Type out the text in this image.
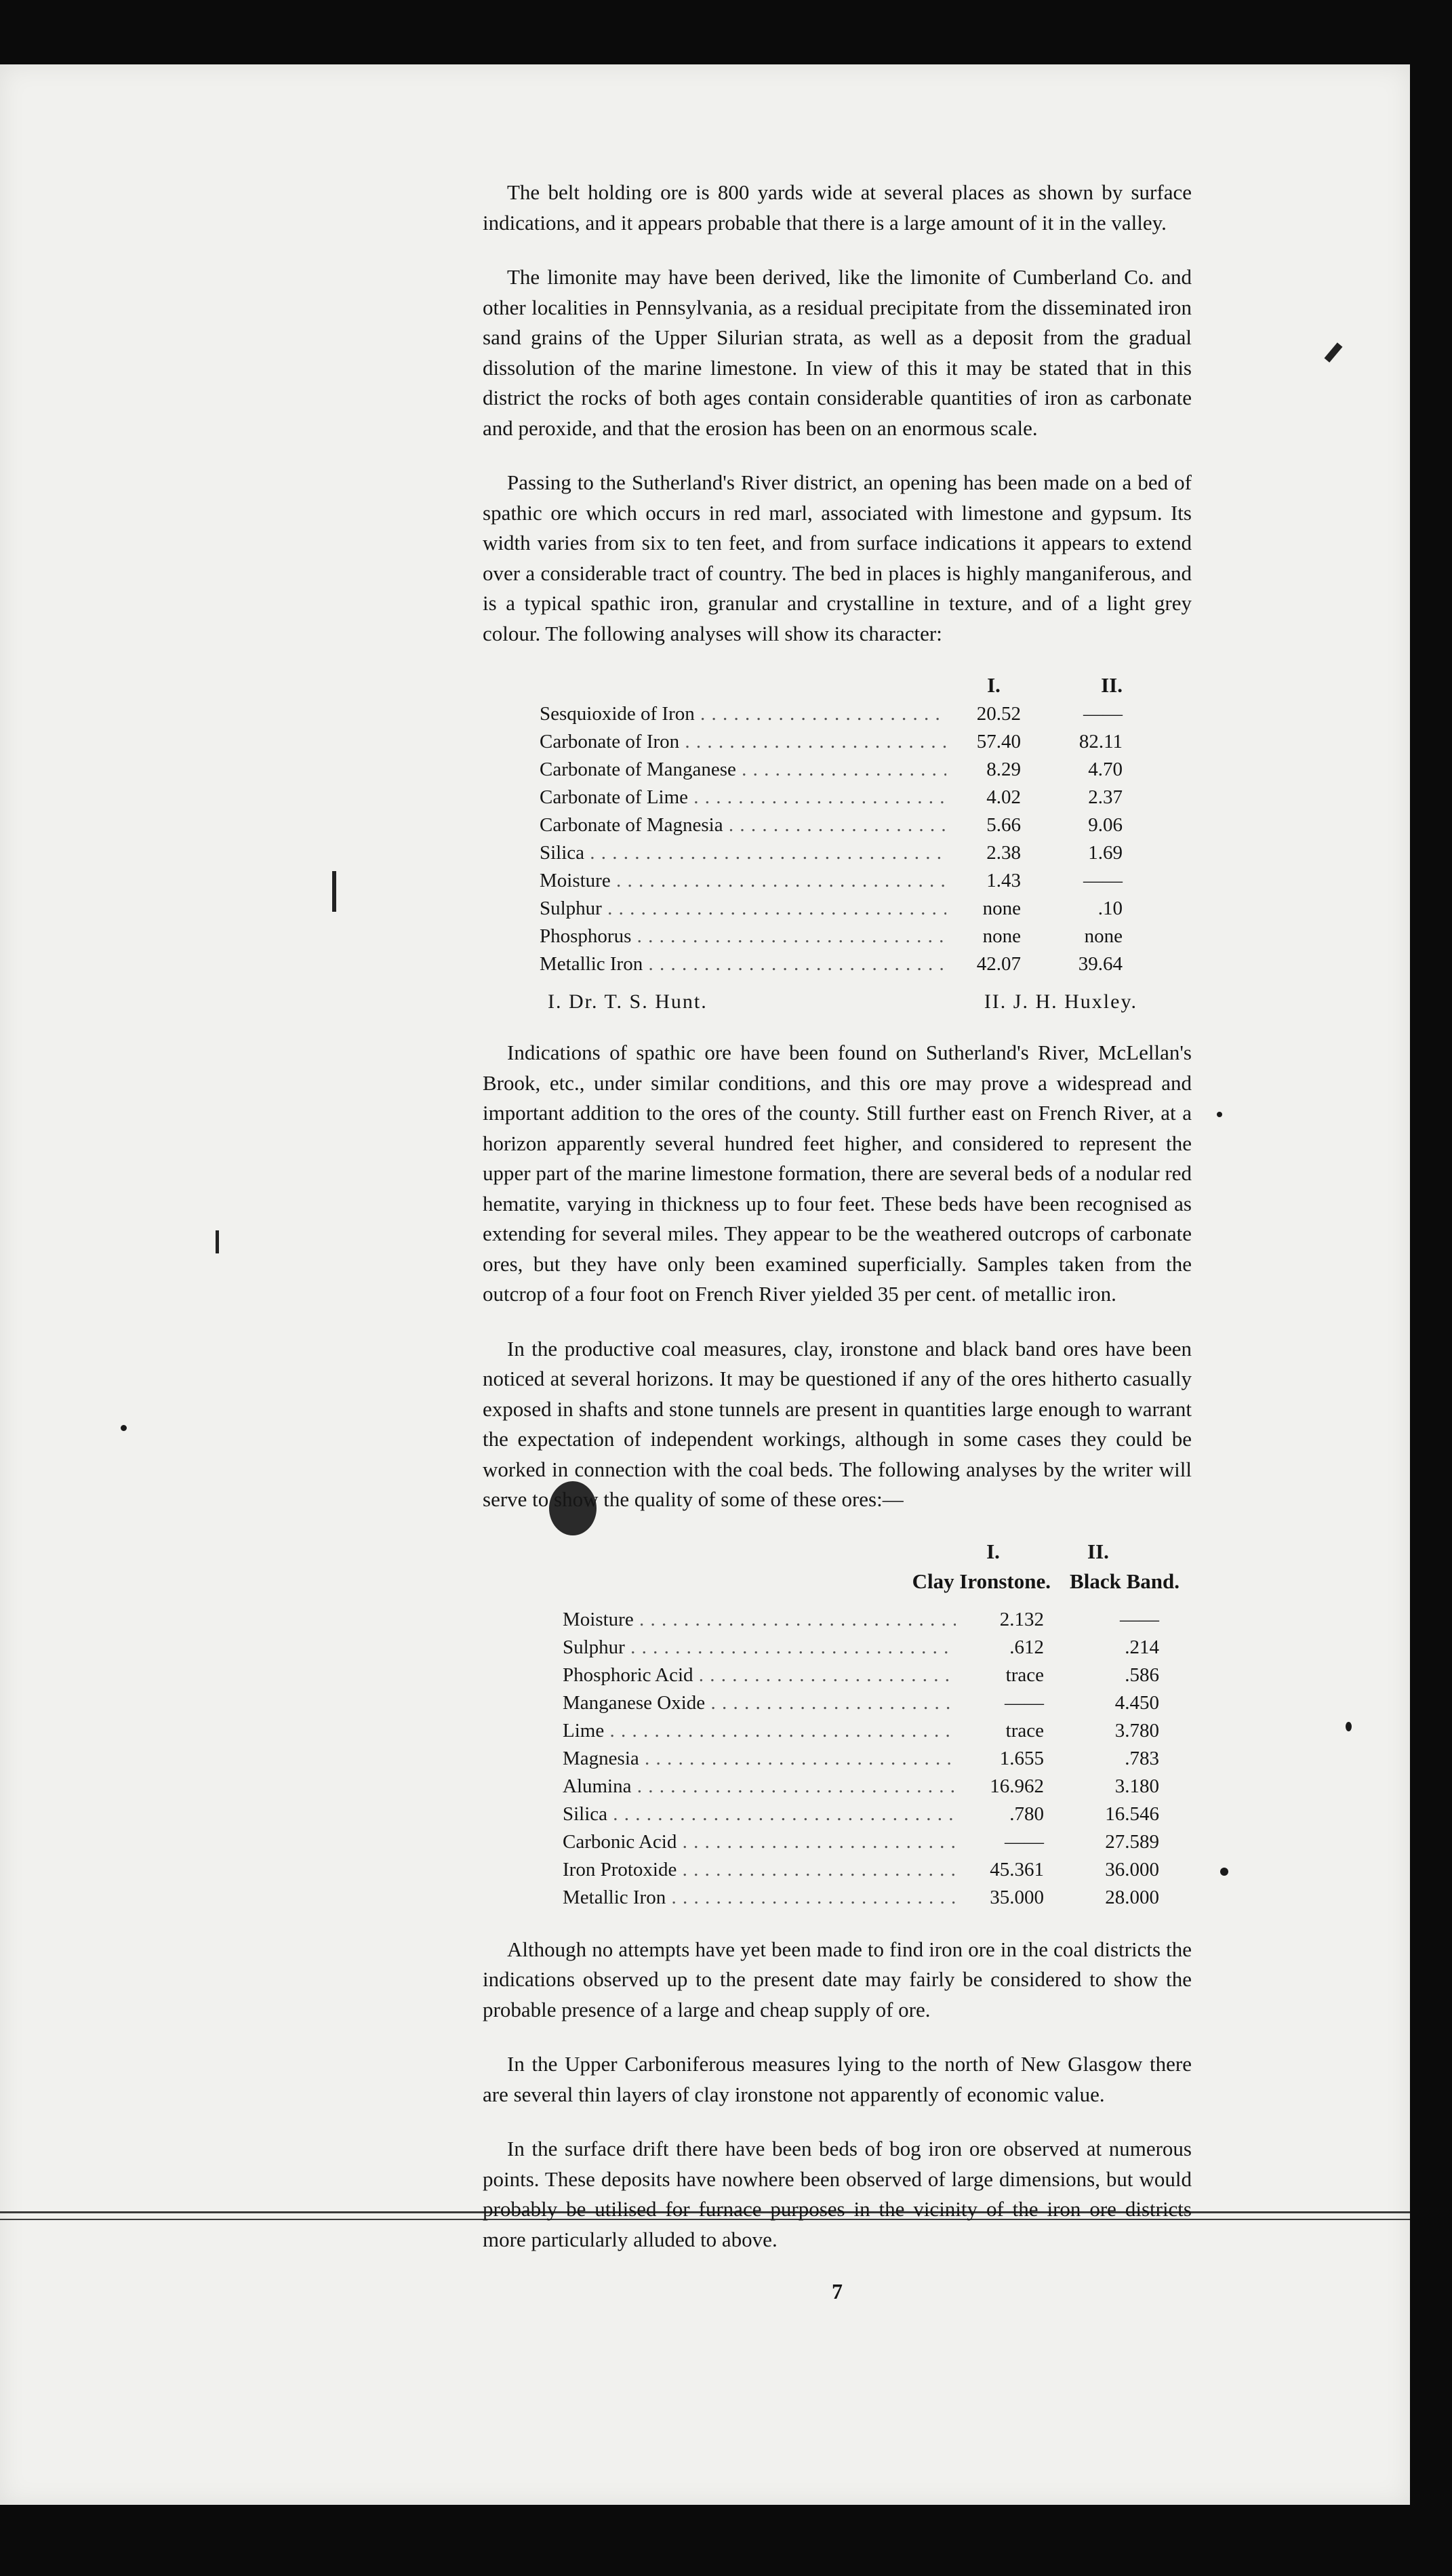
The belt holding ore is 800 yards wide at several places as shown by surface indications, and it appears probable that there is a large amount of it in the valley.

The limonite may have been derived, like the limonite of Cumberland Co. and other localities in Pennsylvania, as a residual precipitate from the disseminated iron sand grains of the Upper Silurian strata, as well as a deposit from the gradual dissolution of the marine limestone. In view of this it may be stated that in this district the rocks of both ages contain considerable quantities of iron as carbonate and peroxide, and that the erosion has been on an enormous scale.

Passing to the Sutherland's River district, an opening has been made on a bed of spathic ore which occurs in red marl, associated with limestone and gypsum. Its width varies from six to ten feet, and from surface indications it appears to extend over a considerable tract of country. The bed in places is highly manganiferous, and is a typical spathic iron, granular and crystalline in texture, and of a light grey colour. The following analyses will show its character:

I.	II.
Sesquioxide of Iron . . .	20.52	——
Carbonate of Iron . . .	57.40	82.11
Carbonate of Manganese . . .	8.29	4.70
Carbonate of Lime . . .	4.02	2.37
Carbonate of Magnesia . . .	5.66	9.06
Silica . . .	2.38	1.69
Moisture . . .	1.43	——
Sulphur . . .	none	.10
Phosphorus . . .	none	none
Metallic Iron . . .	42.07	39.64
I. Dr. T. S. Hunt.	II. J. H. Huxley.

Indications of spathic ore have been found on Sutherland's River, McLellan's Brook, etc., under similar conditions, and this ore may prove a widespread and important addition to the ores of the county. Still further east on French River, at a horizon apparently several hundred feet higher, and considered to represent the upper part of the marine limestone formation, there are several beds of a nodular red hematite, varying in thickness up to four feet. These beds have been recognised as extending for several miles. They appear to be the weathered outcrops of carbonate ores, but they have only been examined superficially. Samples taken from the outcrop of a four foot on French River yielded 35 per cent. of metallic iron.

In the productive coal measures, clay, ironstone and black band ores have been noticed at several horizons. It may be questioned if any of the ores hitherto casually exposed in shafts and stone tunnels are present in quantities large enough to warrant the expectation of independent workings, although in some cases they could be worked in connection with the coal beds. The following analyses by the writer will serve to show the quality of some of these ores:—

I.	II.
Clay Ironstone. Black Band.
Moisture . . .	2.132	——
Sulphur . . .	.612	.214
Phosphoric Acid . . .	trace	.586
Manganese Oxide . . .	——	4.450
Lime . . .	trace	3.780
Magnesia . . .	1.655	.783
Alumina . . .	16.962	3.180
Silica . . .	.780	16.546
Carbonic Acid . . .	——	27.589
Iron Protoxide . . .	45.361	36.000
Metallic Iron . . .	35.000	28.000

Although no attempts have yet been made to find iron ore in the coal districts the indications observed up to the present date may fairly be considered to show the probable presence of a large and cheap supply of ore.

In the Upper Carboniferous measures lying to the north of New Glasgow there are several thin layers of clay ironstone not apparently of economic value.

In the surface drift there have been beds of bog iron ore observed at numerous points. These deposits have nowhere been observed of large dimensions, but would probably be utilised for furnace purposes in the vicinity of the iron ore districts more particularly alluded to above.

7
